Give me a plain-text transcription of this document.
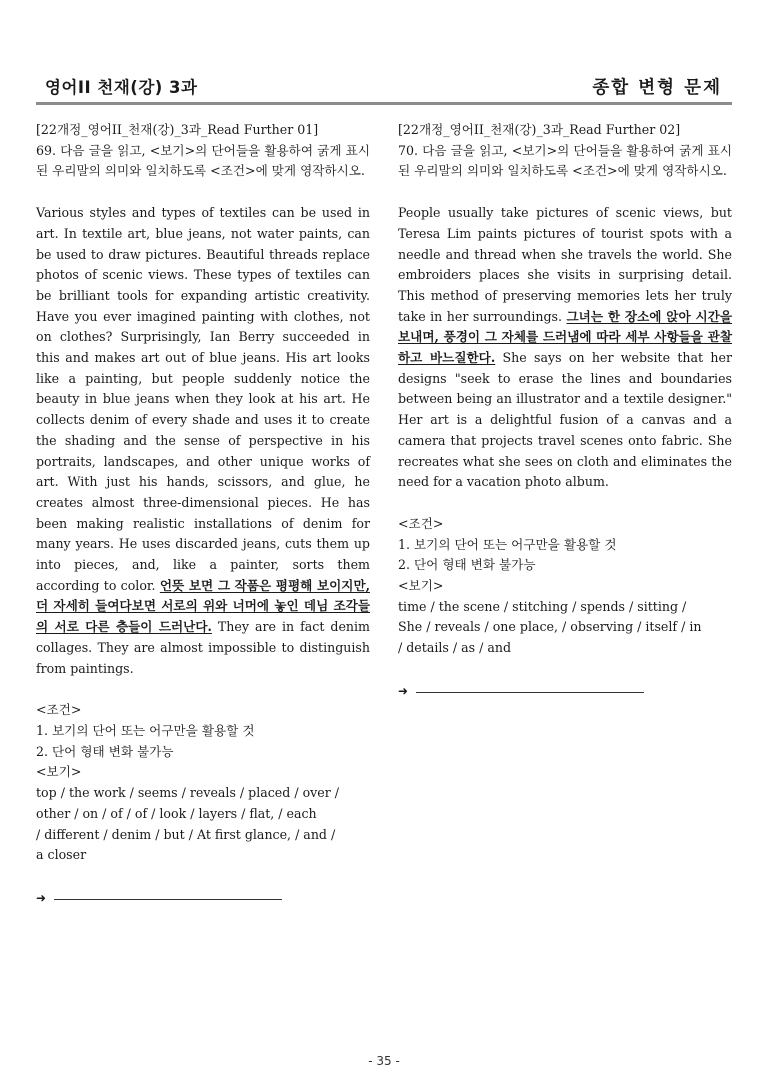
영어II 천재(강) 3과	종합 변형 문제
[22개정_영어II_천재(강)_3과_Read Further 01]
69. 다음 글을 읽고, <보기>의 단어들을 활용하여 굵게 표시된 우리말의 의미와 일치하도록 <조건>에 맞게 영작하시오.
Various styles and types of textiles can be used in art. In textile art, blue jeans, not water paints, can be used to draw pictures. Beautiful threads replace photos of scenic views. These types of textiles can be brilliant tools for expanding artistic creativity. Have you ever imagined painting with clothes, not on clothes? Surprisingly, Ian Berry succeeded in this and makes art out of blue jeans. His art looks like a painting, but people suddenly notice the beauty in blue jeans when they look at his art. He collects denim of every shade and uses it to create the shading and the sense of perspective in his portraits, landscapes, and other unique works of art. With just his hands, scissors, and glue, he creates almost three-dimensional pieces. He has been making realistic installations of denim for many years. He uses discarded jeans, cuts them up into pieces, and, like a painter, sorts them according to color. 언뜻 보면 그 작품은 평평해 보이지만, 더 자세히 들여다보면 서로의 위와 너머에 놓인 데님 조각들의 서로 다른 층들이 드러난다. They are in fact denim collages. They are almost impossible to distinguish from paintings.
<조건>
1. 보기의 단어 또는 어구만을 활용할 것
2. 단어 형태 변화 불가능
<보기>
top / the work / seems / reveals / placed / over /
other / on / of / of / look / layers / flat, / each
/ different / denim / but / At first glance, / and /
a closer
➜
[22개정_영어II_천재(강)_3과_Read Further 02]
70. 다음 글을 읽고, <보기>의 단어들을 활용하여 굵게 표시된 우리말의 의미와 일치하도록 <조건>에 맞게 영작하시오.
People usually take pictures of scenic views, but Teresa Lim paints pictures of tourist spots with a needle and thread when she travels the world. She embroiders places she visits in surprising detail. This method of preserving memories lets her truly take in her surroundings. 그녀는 한 장소에 앉아 시간을 보내며, 풍경이 그 자체를 드러냄에 따라 세부 사항들을 관찰하고 바느질한다. She says on her website that her designs "seek to erase the lines and boundaries between being an illustrator and a textile designer." Her art is a delightful fusion of a canvas and a camera that projects travel scenes onto fabric. She recreates what she sees on cloth and eliminates the need for a vacation photo album.
<조건>
1. 보기의 단어 또는 어구만을 활용할 것
2. 단어 형태 변화 불가능
<보기>
time / the scene / stitching / spends / sitting /
She / reveals / one place, / observing / itself / in
/ details / as / and
➜
- 35 -
